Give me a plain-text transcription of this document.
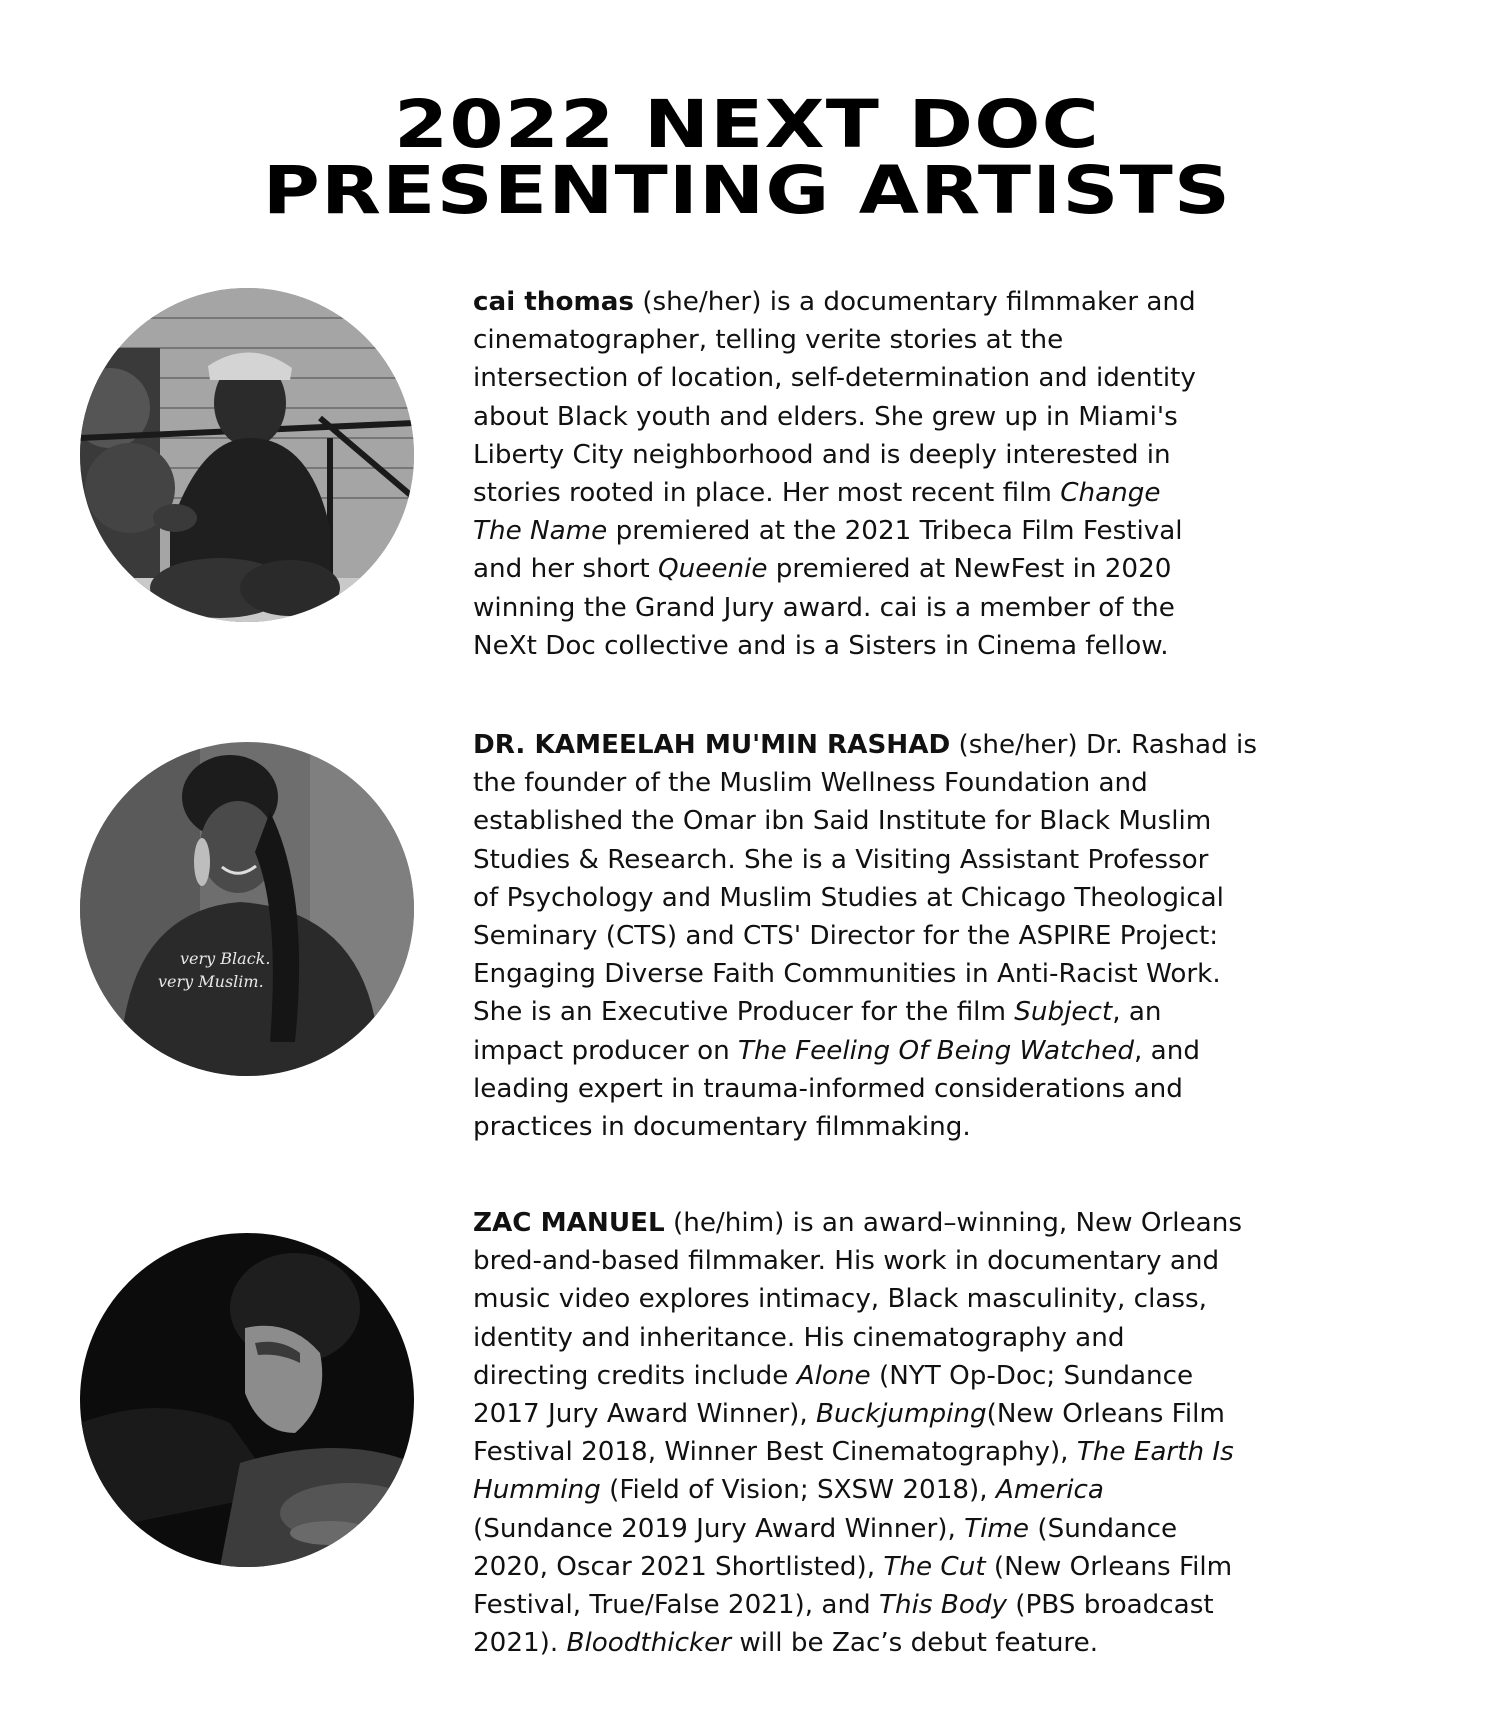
2022 NEXT DOC
PRESENTING ARTISTS
cai thomas (she/her) is a documentary filmmaker and
cinematographer, telling verite stories at the
intersection of location, self-determination and identity
about Black youth and elders. She grew up in Miami's
Liberty City neighborhood and is deeply interested in
stories rooted in place. Her most recent film Change
The Name premiered at the 2021 Tribeca Film Festival
and her short Queenie premiered at NewFest in 2020
winning the Grand Jury award. cai is a member of the
NeXt Doc collective and is a Sisters in Cinema fellow.
very Black.
very Muslim.
DR. KAMEELAH MU'MIN RASHAD (she/her) Dr. Rashad is
the founder of the Muslim Wellness Foundation and
established the Omar ibn Said Institute for Black Muslim
Studies & Research. She is a Visiting Assistant Professor
of Psychology and Muslim Studies at Chicago Theological
Seminary (CTS) and CTS' Director for the ASPIRE Project:
Engaging Diverse Faith Communities in Anti-Racist Work.
She is an Executive Producer for the film Subject, an
impact producer on The Feeling Of Being Watched, and
leading expert in trauma-informed considerations and
practices in documentary filmmaking.
ZAC MANUEL (he/him) is an award–winning, New Orleans
bred-and-based filmmaker. His work in documentary and
music video explores intimacy, Black masculinity, class,
identity and inheritance. His cinematography and
directing credits include Alone (NYT Op-Doc; Sundance
2017 Jury Award Winner), Buckjumping(New Orleans Film
Festival 2018, Winner Best Cinematography), The Earth Is
Humming (Field of Vision; SXSW 2018), America
(Sundance 2019 Jury Award Winner), Time (Sundance
2020, Oscar 2021 Shortlisted), The Cut (New Orleans Film
Festival, True/False 2021), and This Body (PBS broadcast
2021). Bloodthicker will be Zac’s debut feature.
